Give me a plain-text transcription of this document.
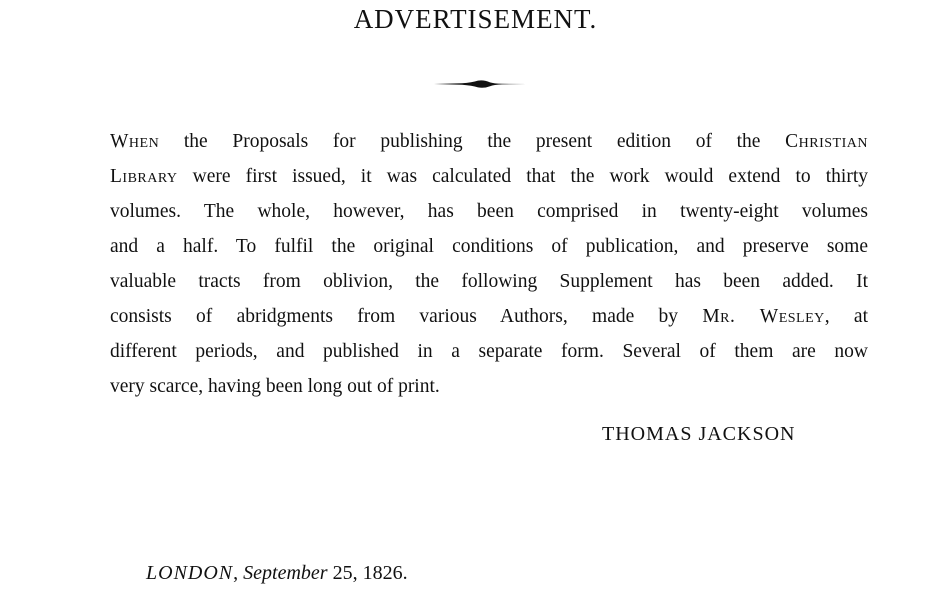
ADVERTISEMENT.
When the Proposals for publishing the present edition of the Christian
Library were first issued, it was calculated that the work would extend to thirty
volumes. The whole, however, has been comprised in twenty-eight volumes
and a half. To fulfil the original conditions of publication, and preserve some
valuable tracts from oblivion, the following Supplement has been added. It
consists of abridgments from various Authors, made by Mr. Wesley, at
different periods, and published in a separate form. Several of them are now
very scarce, having been long out of print.
THOMAS JACKSON
LONDON, September 25, 1826.
